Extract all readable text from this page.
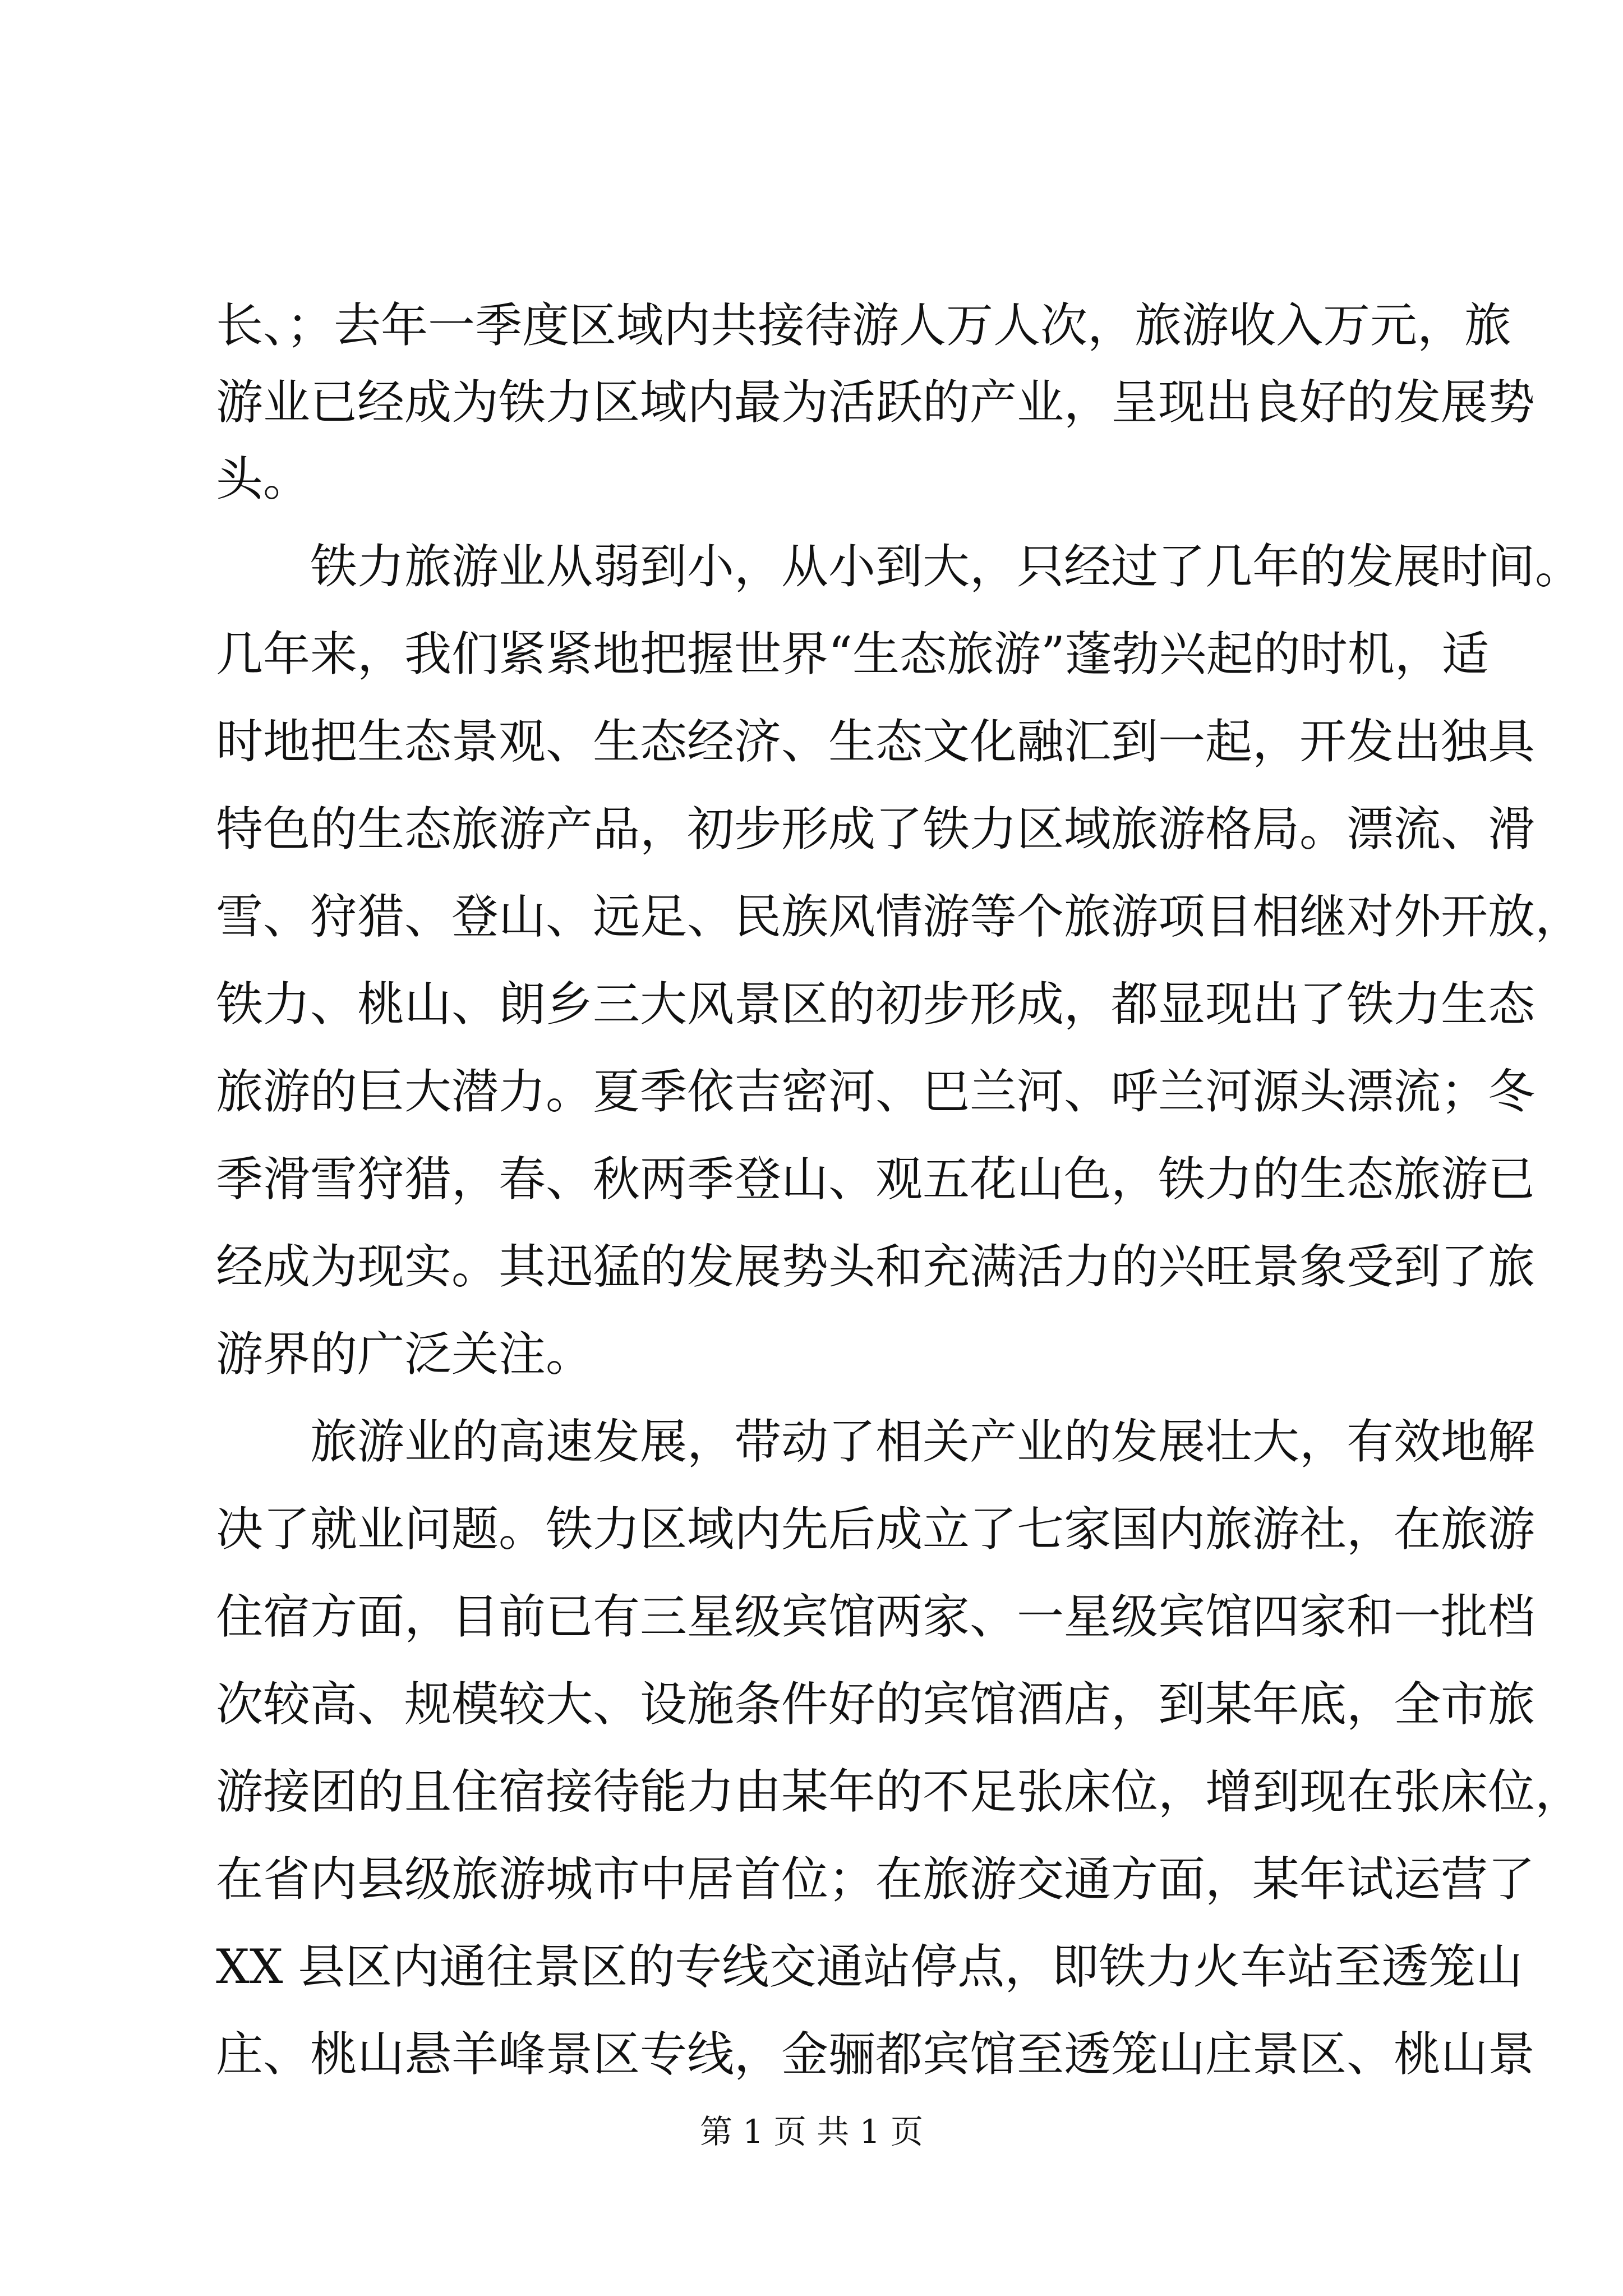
长、；去年一季度区域内共接待游人万人次，旅游收入万元，旅
游业已经成为铁力区域内最为活跃的产业，呈现出良好的发展势
头。
　　铁力旅游业从弱到小，从小到大，只经过了几年的发展时间。
几年来，我们紧紧地把握世界“生态旅游”蓬勃兴起的时机，适
时地把生态景观、生态经济、生态文化融汇到一起，开发出独具
特色的生态旅游产品，初步形成了铁力区域旅游格局。漂流、滑
雪、狩猎、登山、远足、民族风情游等个旅游项目相继对外开放，
铁力、桃山、朗乡三大风景区的初步形成，都显现出了铁力生态
旅游的巨大潜力。夏季依吉密河、巴兰河、呼兰河源头漂流；冬
季滑雪狩猎，春、秋两季登山、观五花山色，铁力的生态旅游已
经成为现实。其迅猛的发展势头和充满活力的兴旺景象受到了旅
游界的广泛关注。
　　旅游业的高速发展，带动了相关产业的发展壮大，有效地解
决了就业问题。铁力区域内先后成立了七家国内旅游社，在旅游
住宿方面，目前已有三星级宾馆两家、一星级宾馆四家和一批档
次较高、规模较大、设施条件好的宾馆酒店，到某年底，全市旅
游接团的且住宿接待能力由某年的不足张床位，增到现在张床位，
在省内县级旅游城市中居首位；在旅游交通方面，某年试运营了
XX 县区内通往景区的专线交通站停点，即铁力火车站至透笼山
庄、桃山悬羊峰景区专线，金骊都宾馆至透笼山庄景区、桃山景
第 1 页 共 1 页
